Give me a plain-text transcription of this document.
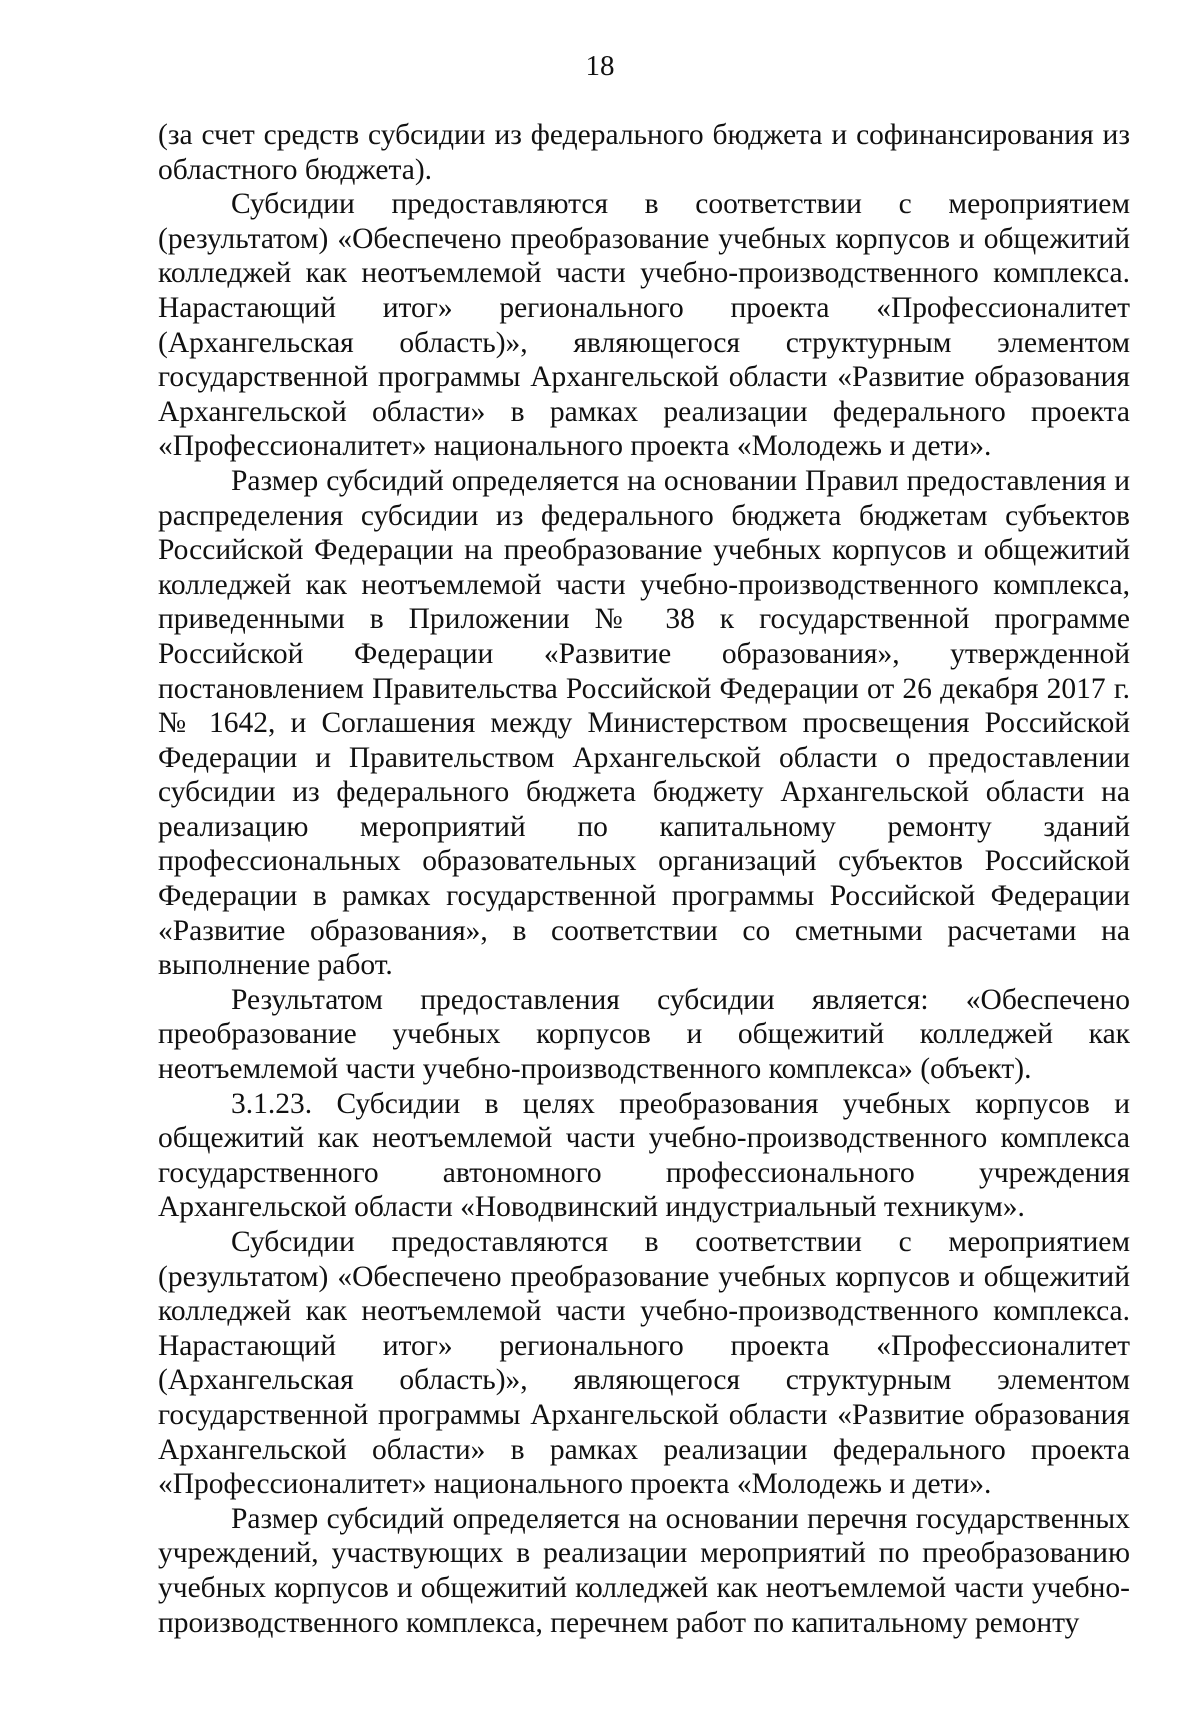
18

(за счет средств субсидии из федерального бюджета и софинансирования из областного бюджета).

Субсидии предоставляются в соответствии с мероприятием (результатом) «Обеспечено преобразование учебных корпусов и общежитий колледжей как неотъемлемой части учебно-производственного комплекса. Нарастающий итог» регионального проекта «Профессионалитет (Архангельская область)», являющегося структурным элементом государственной программы Архангельской области «Развитие образования Архангельской области» в рамках реализации федерального проекта «Профессионалитет» национального проекта «Молодежь и дети».

Размер субсидий определяется на основании Правил предоставления и распределения субсидии из федерального бюджета бюджетам субъектов Российской Федерации на преобразование учебных корпусов и общежитий колледжей как неотъемлемой части учебно-производственного комплекса, приведенными в Приложении № 38 к государственной программе Российской Федерации «Развитие образования», утвержденной постановлением Правительства Российской Федерации от 26 декабря 2017 г. № 1642, и Соглашения между Министерством просвещения Российской Федерации и Правительством Архангельской области о предоставлении субсидии из федерального бюджета бюджету Архангельской области на реализацию мероприятий по капитальному ремонту зданий профессиональных образовательных организаций субъектов Российской Федерации в рамках государственной программы Российской Федерации «Развитие образования», в соответствии со сметными расчетами на выполнение работ.

Результатом предоставления субсидии является: «Обеспечено преобразование учебных корпусов и общежитий колледжей как неотъемлемой части учебно-производственного комплекса» (объект).

3.1.23. Субсидии в целях преобразования учебных корпусов и общежитий как неотъемлемой части учебно-производственного комплекса государственного автономного профессионального учреждения Архангельской области «Новодвинский индустриальный техникум».

Субсидии предоставляются в соответствии с мероприятием (результатом) «Обеспечено преобразование учебных корпусов и общежитий колледжей как неотъемлемой части учебно-производственного комплекса. Нарастающий итог» регионального проекта «Профессионалитет (Архангельская область)», являющегося структурным элементом государственной программы Архангельской области «Развитие образования Архангельской области» в рамках реализации федерального проекта «Профессионалитет» национального проекта «Молодежь и дети».

Размер субсидий определяется на основании перечня государственных учреждений, участвующих в реализации мероприятий по преобразованию учебных корпусов и общежитий колледжей как неотъемлемой части учебно-производственного комплекса, перечнем работ по капитальному ремонту
